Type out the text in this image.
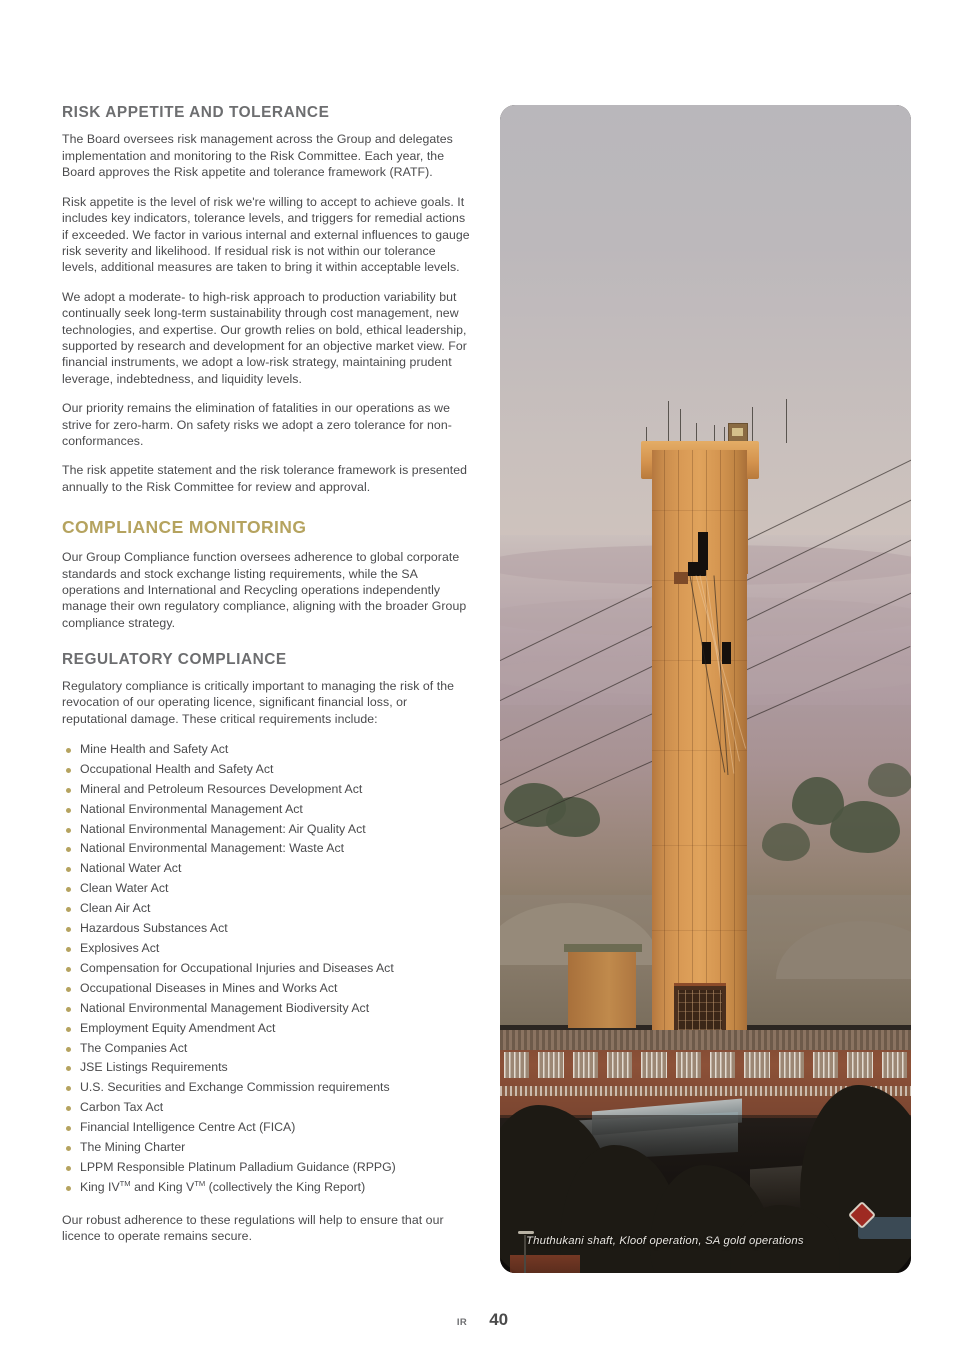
RISK APPETITE AND TOLERANCE

The Board oversees risk management across the Group and delegates implementation and monitoring to the Risk Committee. Each year, the Board approves the Risk appetite and tolerance framework (RATF).

Risk appetite is the level of risk we're willing to accept to achieve goals. It includes key indicators, tolerance levels, and triggers for remedial actions if exceeded. We factor in various internal and external influences to gauge risk severity and likelihood. If residual risk is not within our tolerance levels, additional measures are taken to bring it within acceptable levels.

We adopt a moderate- to high-risk approach to production variability but continually seek long-term sustainability through cost management, new technologies, and expertise. Our growth relies on bold, ethical leadership, supported by research and development for an objective market view. For financial instruments, we adopt a low-risk strategy, maintaining prudent leverage, indebtedness, and liquidity levels.

Our priority remains the elimination of fatalities in our operations as we strive for zero-harm. On safety risks we adopt a zero tolerance for non-conformances.

The risk appetite statement and the risk tolerance framework is presented annually to the Risk Committee for review and approval.

COMPLIANCE MONITORING

Our Group Compliance function oversees adherence to global corporate standards and stock exchange listing requirements, while the SA operations and International and Recycling operations independently manage their own regulatory compliance, aligning with the broader Group compliance strategy.

REGULATORY COMPLIANCE

Regulatory compliance is critically important to managing the risk of the revocation of our operating licence, significant financial loss, or reputational damage. These critical requirements include:

Mine Health and Safety Act
Occupational Health and Safety Act
Mineral and Petroleum Resources Development Act
National Environmental Management Act
National Environmental Management: Air Quality Act
National Environmental Management: Waste Act
National Water Act
Clean Water Act
Clean Air Act
Hazardous Substances Act
Explosives Act
Compensation for Occupational Injuries and Diseases Act
Occupational Diseases in Mines and Works Act
National Environmental Management Biodiversity Act
Employment Equity Amendment Act
The Companies Act
JSE Listings Requirements
U.S. Securities and Exchange Commission requirements
Carbon Tax Act
Financial Intelligence Centre Act (FICA)
The Mining Charter
LPPM Responsible Platinum Palladium Guidance (RPPG)
King IV™ and King V™ (collectively the King Report)

Our robust adherence to these regulations will help to ensure that our licence to operate remains secure.	Thuthukani shaft, Kloof operation, SA gold operations
IR 40
